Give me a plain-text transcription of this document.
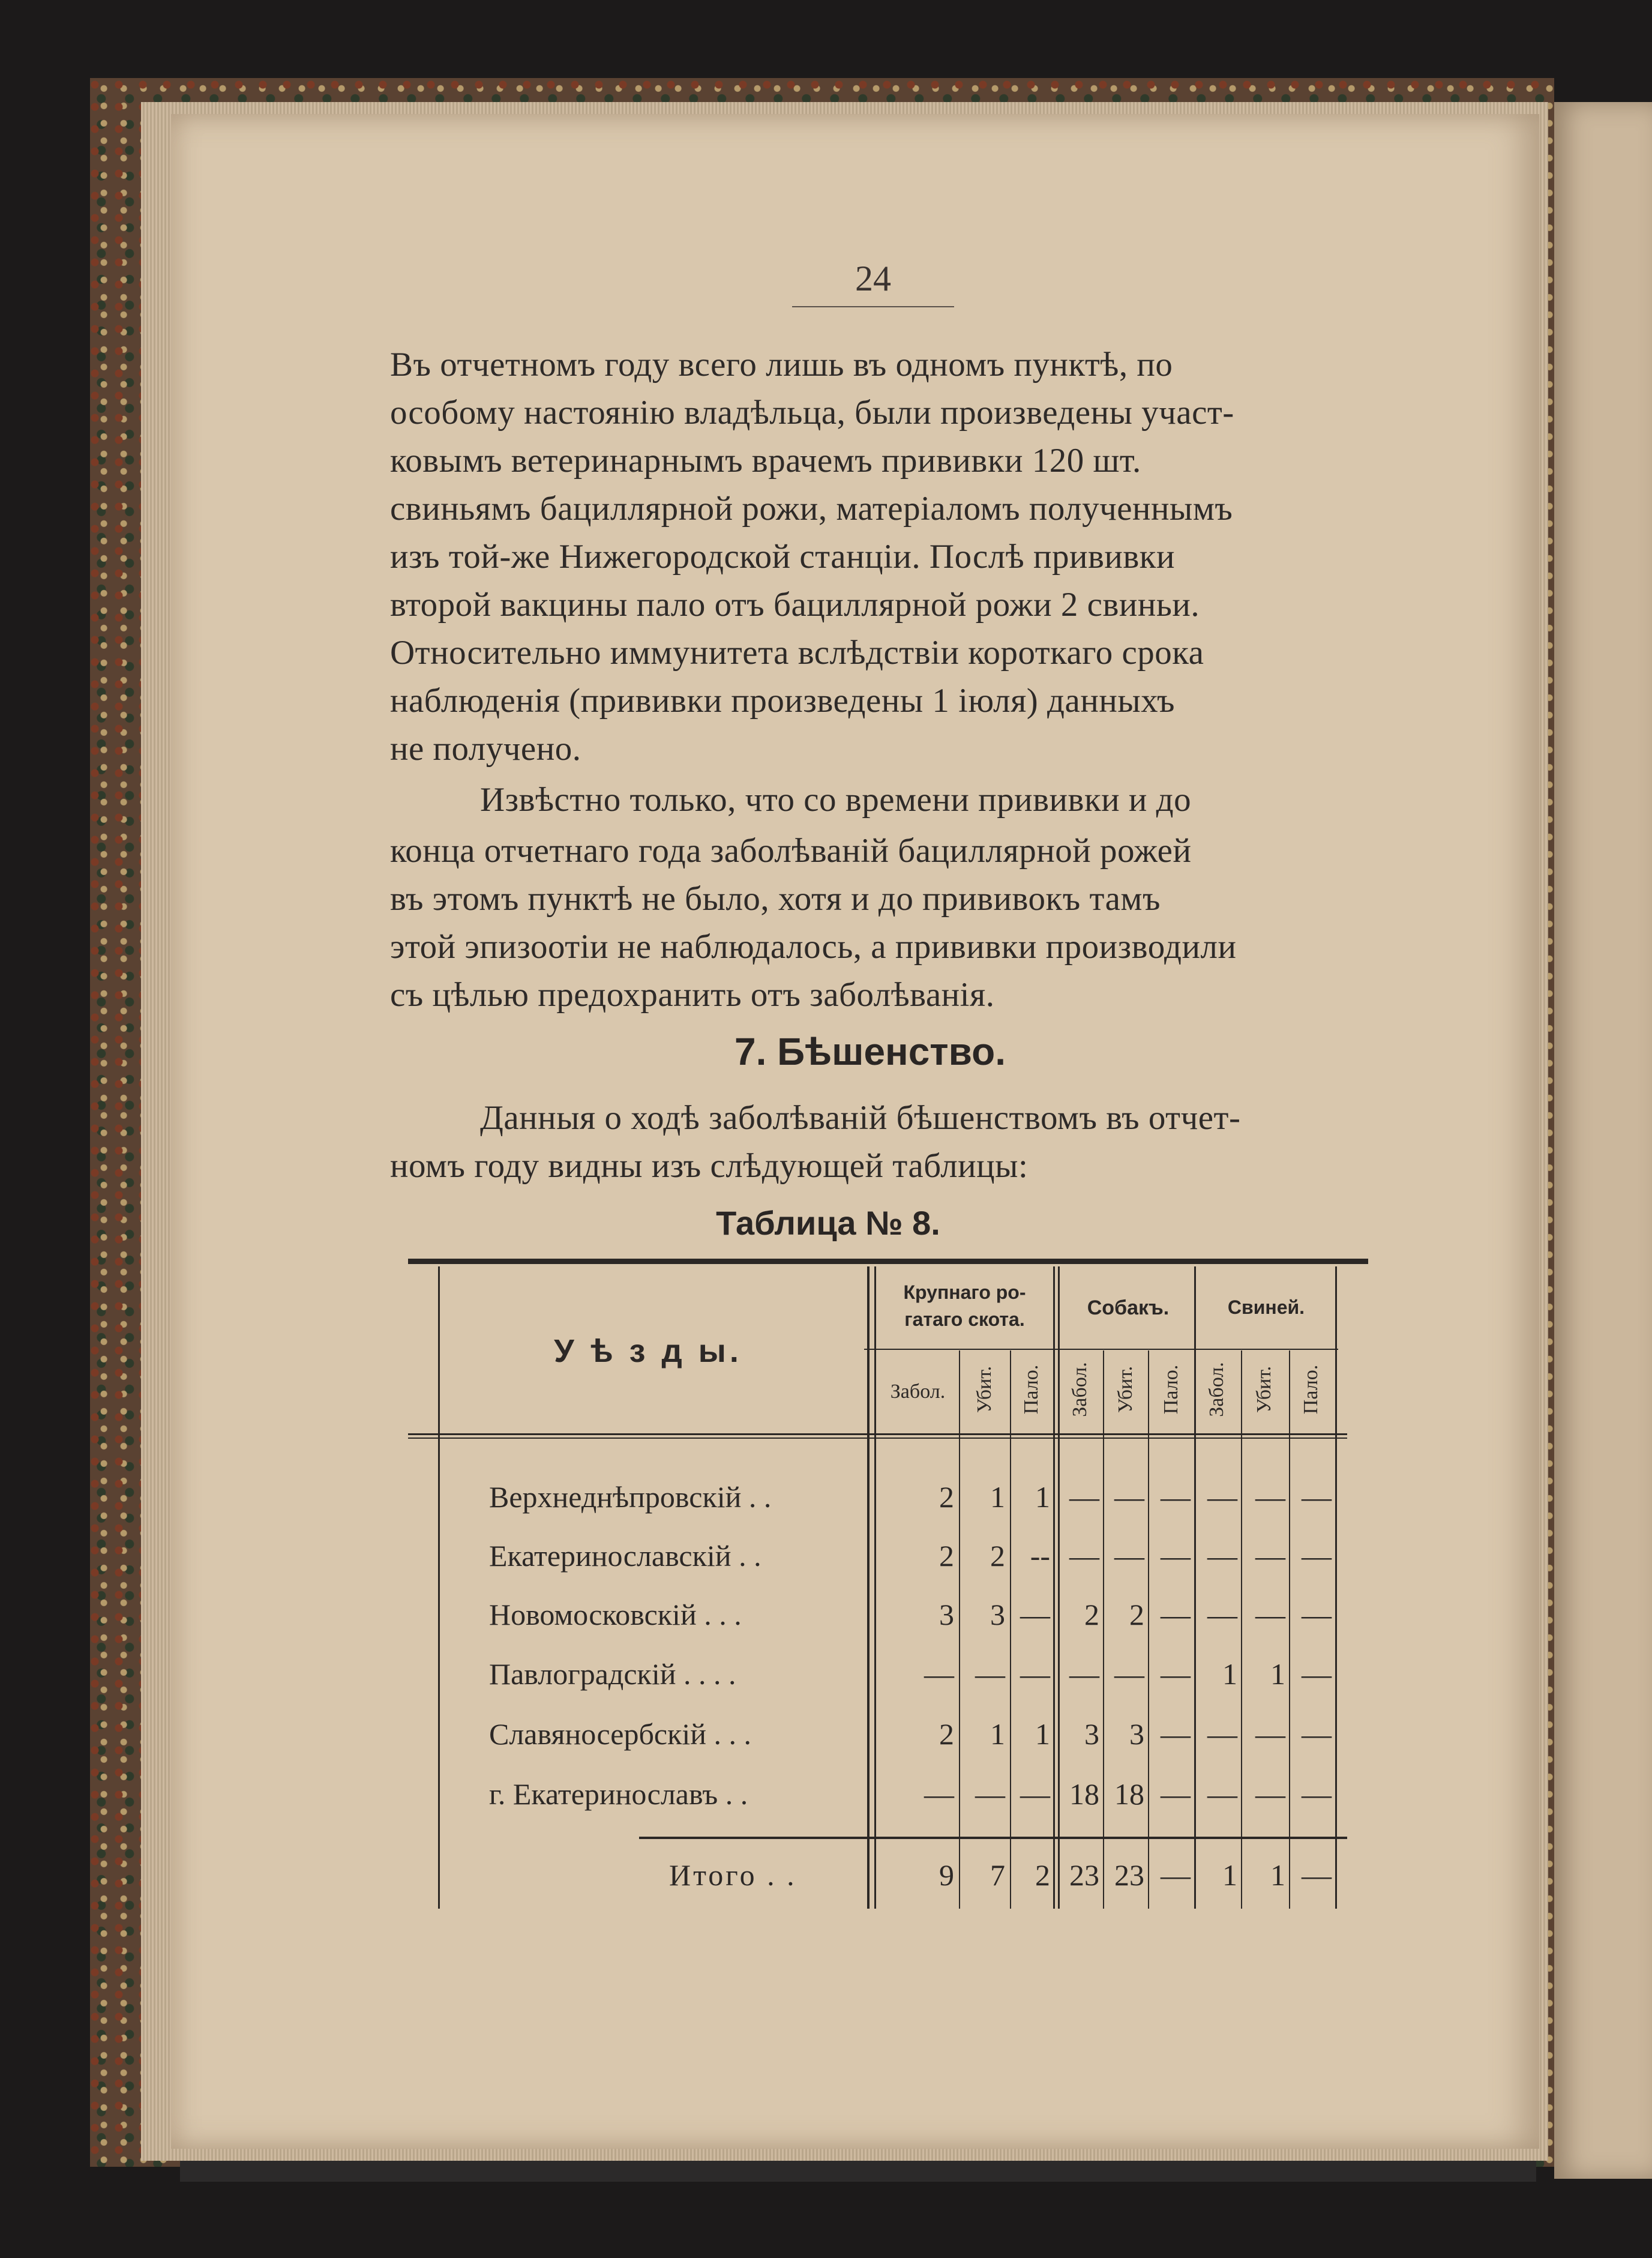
24
Въ отчетномъ году всего лишь въ одномъ пунктѣ, по
особому настоянiю владѣльца, были произведены участ-
ковымъ ветеринарнымъ врачемъ прививки 120 шт.
свиньямъ бациллярной рожи, матерiаломъ полученнымъ
изъ той-же Нижегородской станцiи. Послѣ прививки
второй вакцины пало отъ бациллярной рожи 2 свиньи.
Относительно иммунитета вслѣдствiи короткаго срока
наблюденiя (прививки произведены 1 iюля) данныхъ
не получено.
Извѣстно только, что со времени прививки и до
конца отчетнаго года заболѣванiй бациллярной рожей
въ этомъ пунктѣ не было, хотя и до прививокъ тамъ
этой эпизоотiи не наблюдалось, а прививки производили
съ цѣлью предохранить отъ заболѣванiя.
7. Бѣшенство.
Данныя о ходѣ заболѣванiй бѣшенствомъ въ отчет-
номъ году видны изъ слѣдующей таблицы:
Таблица № 8.
У ѣ з д ы.
Крупнаго ро-
гатаго скота.	Собакъ.	Свиней.
Забол.	Убит. Пало. Забол. Убит. Пало. Забол. Убит. Пало.
Верхнеднѣпровскiй . .	2	1	1 — — — — — —
Екатеринославскiй . .	2	2 -- — — — — — —
Новомосковскiй . . .	3	3 —	2	2 — — — —
Павлоградскiй . . . .	— — — — — —	1	1 —
Славяносербскiй . . .	2	1	1	3	3 — — — —
г. Екатеринославъ . .	— — — 18 18 — — — —
Итого . .	9	7	2 23 23 —	1	1 —
